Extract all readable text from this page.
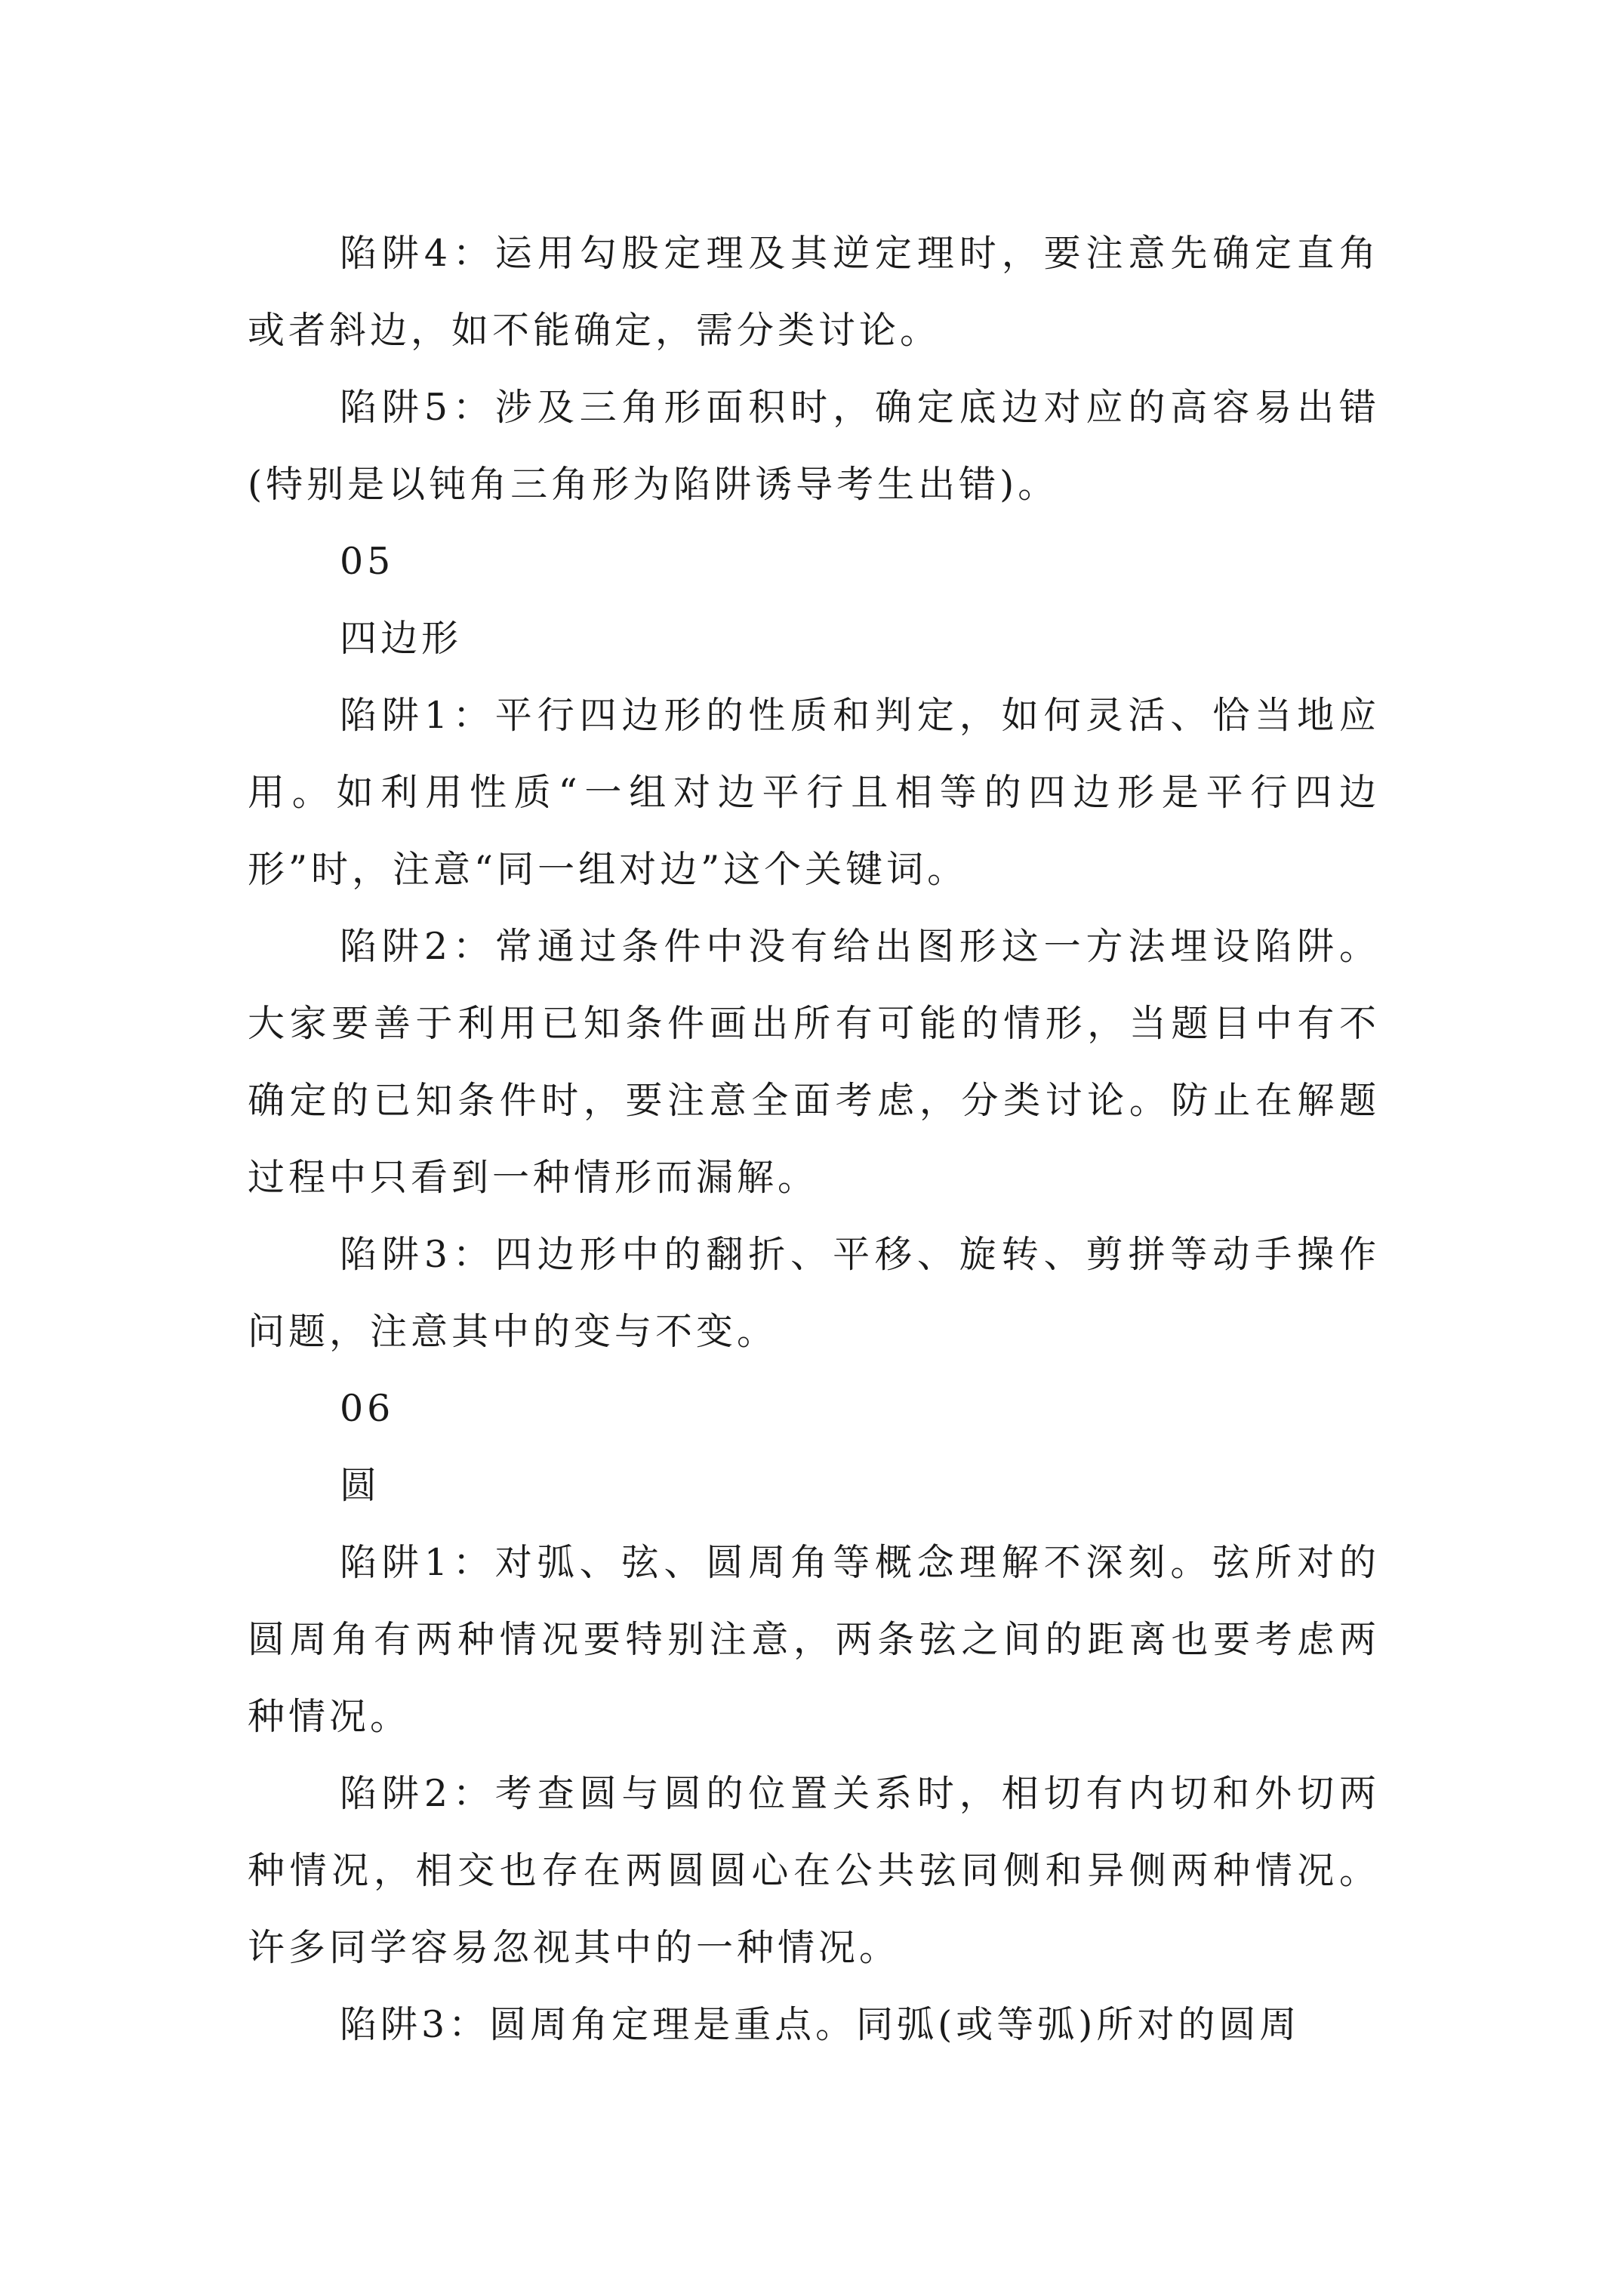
陷阱4：运用勾股定理及其逆定理时，要注意先确定直角或者斜边，如不能确定，需分类讨论。

陷阱5：涉及三角形面积时，确定底边对应的高容易出错(特别是以钝角三角形为陷阱诱导考生出错)。

05

四边形

陷阱1：平行四边形的性质和判定，如何灵活、恰当地应用。如利用性质“一组对边平行且相等的四边形是平行四边形”时，注意“同一组对边”这个关键词。

陷阱2：常通过条件中没有给出图形这一方法埋设陷阱。大家要善于利用已知条件画出所有可能的情形，当题目中有不确定的已知条件时，要注意全面考虑，分类讨论。防止在解题过程中只看到一种情形而漏解。

陷阱3：四边形中的翻折、平移、旋转、剪拼等动手操作问题，注意其中的变与不变。

06

圆

陷阱1：对弧、弦、圆周角等概念理解不深刻。弦所对的圆周角有两种情况要特别注意，两条弦之间的距离也要考虑两种情况。

陷阱2：考查圆与圆的位置关系时，相切有内切和外切两种情况，相交也存在两圆圆心在公共弦同侧和异侧两种情况。许多同学容易忽视其中的一种情况。

陷阱3：圆周角定理是重点。同弧(或等弧)所对的圆周
